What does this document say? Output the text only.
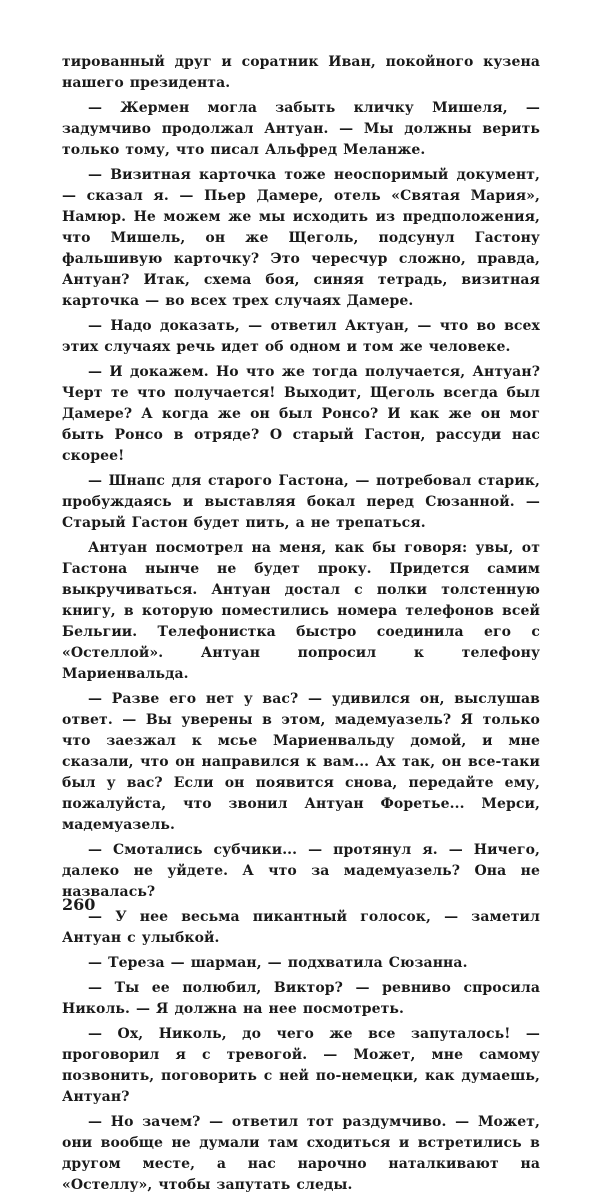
тированный друг и соратник Иван, покойного кузена нашего президента.

— Жермен могла забыть кличку Мишеля, — задумчиво продолжал Антуан. — Мы должны верить только тому, что писал Альфред Меланже.

— Визитная карточка тоже неоспоримый документ, — сказал я. — Пьер Дамере, отель «Святая Мария», Намюр. Не можем же мы исходить из предположения, что Мишель, он же Щеголь, подсунул Гастону фальшивую карточку? Это чересчур сложно, правда, Антуан? Итак, схема боя, синяя тетрадь, визитная карточка — во всех трех случаях Дамере.

— Надо доказать, — ответил Актуан, — что во всех этих случаях речь идет об одном и том же человеке.

— И докажем. Но что же тогда получается, Антуан? Черт те что получается! Выходит, Щеголь всегда был Дамере? А когда же он был Ронсо? И как же он мог быть Ронсо в отряде? О старый Гастон, рассуди нас скорее!

— Шнапс для старого Гастона, — потребовал старик, пробуждаясь и выставляя бокал перед Сюзанной. — Старый Гастон будет пить, а не трепаться.

Антуан посмотрел на меня, как бы говоря: увы, от Гастона нынче не будет проку. Придется самим выкручиваться. Антуан достал с полки толстенную книгу, в которую поместились номера телефонов всей Бельгии. Телефонистка быстро соединила его с «Остеллой». Антуан попросил к телефону Мариенвальда.

— Разве его нет у вас? — удивился он, выслушав ответ. — Вы уверены в этом, мадемуазель? Я только что заезжал к мсье Мариенвальду домой, и мне сказали, что он направился к вам... Ах так, он все-таки был у вас? Если он появится снова, передайте ему, пожалуйста, что звонил Антуан Форетье... Мерси, мадемуазель.

— Смотались субчики... — протянул я. — Ничего, далеко не уйдете. А что за мадемуазель? Она не назвалась?

— У нее весьма пикантный голосок, — заметил Антуан с улыбкой.

— Тереза — шарман, — подхватила Сюзанна.

— Ты ее полюбил, Виктор? — ревниво спросила Николь. — Я должна на нее посмотреть.

— Ох, Николь, до чего же все запуталось! — проговорил я с тревогой. — Может, мне самому позвонить, поговорить с ней по-немецки, как думаешь, Антуан?

— Но зачем? — ответил тот раздумчиво. — Может, они вообще не думали там сходиться и встретились в другом месте, а нас нарочно наталкивают на «Остеллу», чтобы запутать следы.

260
